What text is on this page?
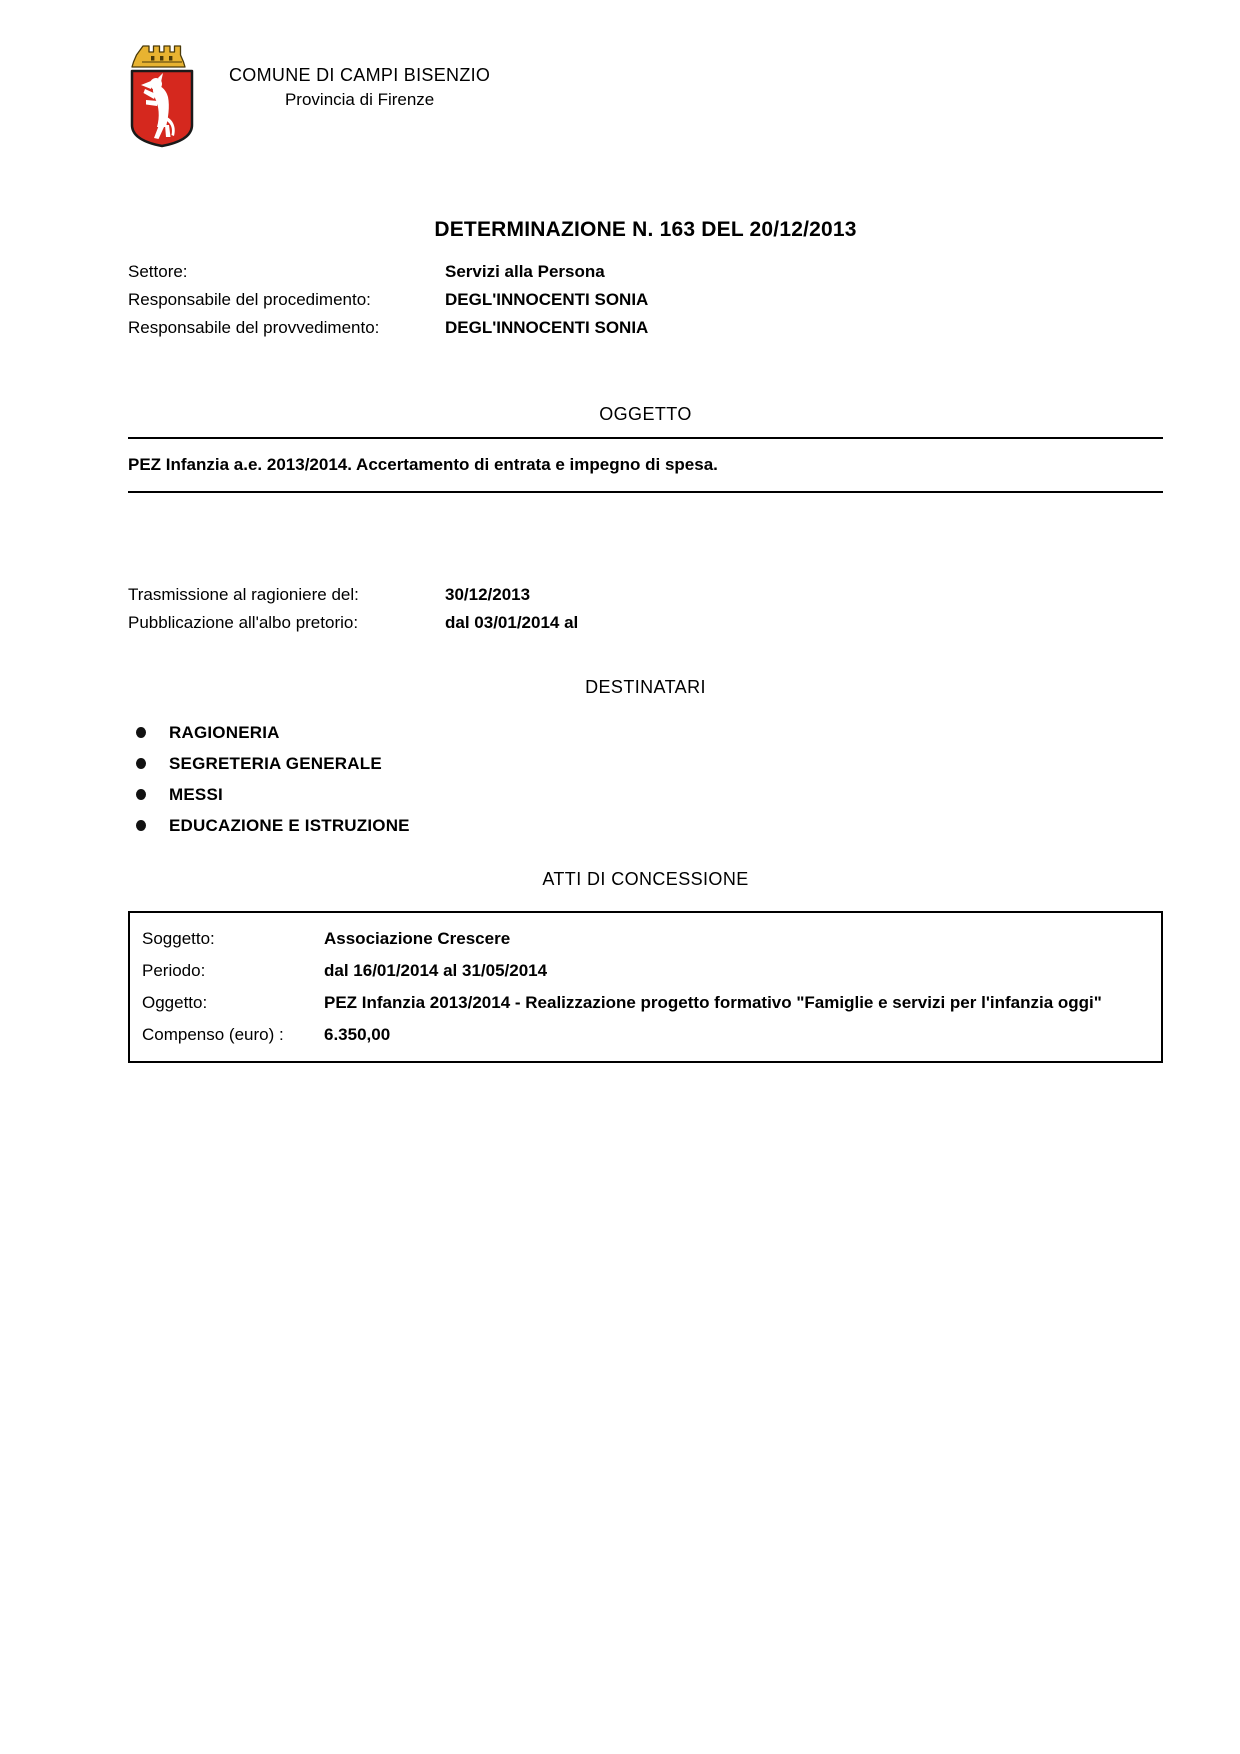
COMUNE DI CAMPI BISENZIO
Provincia di Firenze
DETERMINAZIONE N. 163 DEL 20/12/2013
Settore:	Servizi alla Persona
Responsabile del procedimento:	DEGL'INNOCENTI SONIA
Responsabile del provvedimento:	DEGL'INNOCENTI SONIA
OGGETTO
PEZ Infanzia a.e. 2013/2014. Accertamento di entrata e impegno di spesa.
Trasmissione al ragioniere del:	30/12/2013
Pubblicazione all'albo pretorio:	dal 03/01/2014 al
DESTINATARI
RAGIONERIA
SEGRETERIA GENERALE
MESSI
EDUCAZIONE E ISTRUZIONE
ATTI DI CONCESSIONE
Soggetto:	Associazione Crescere
Periodo:	dal 16/01/2014 al 31/05/2014
Oggetto:	PEZ Infanzia 2013/2014 - Realizzazione progetto formativo "Famiglie e servizi per l'infanzia oggi"
Compenso (euro) :	6.350,00
